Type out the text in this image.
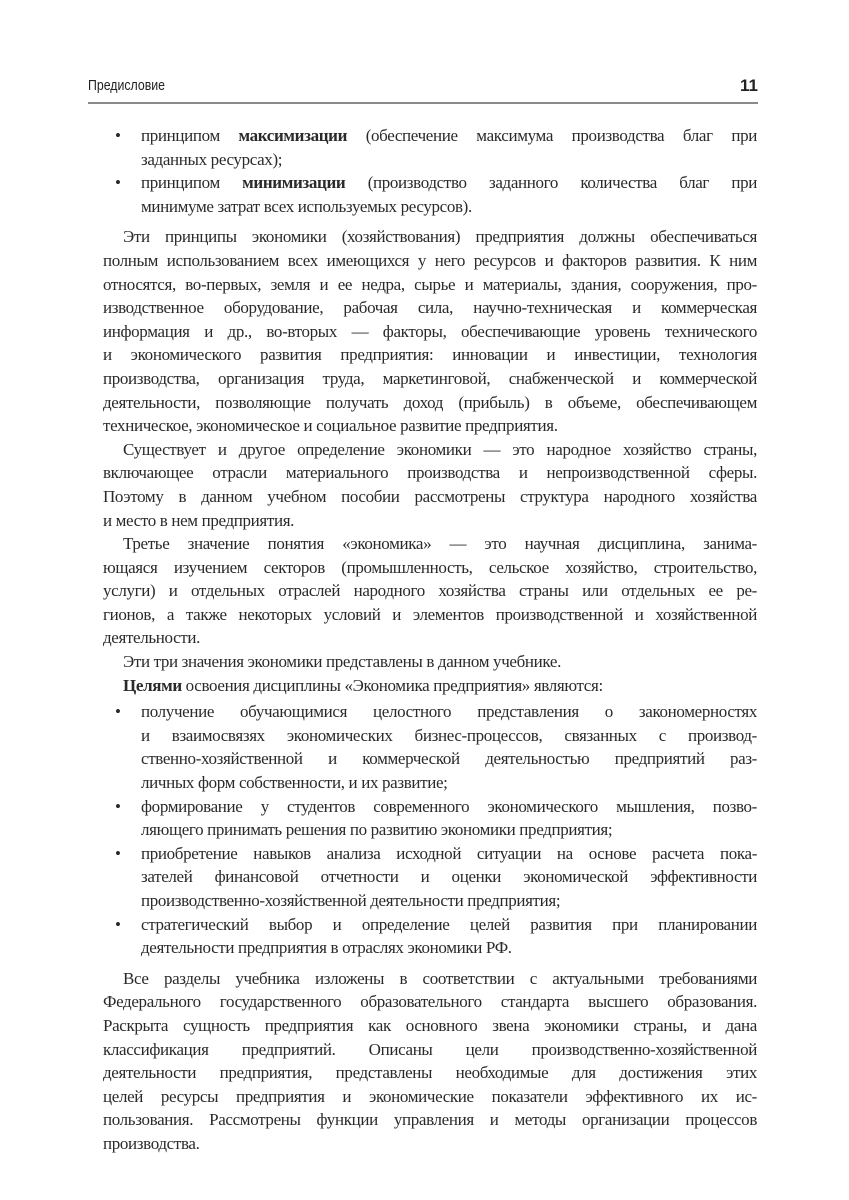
Предисловие	11
• принципом максимизации (обеспечение максимума производства благ при
заданных ресурсах);
• принципом минимизации (производство заданного количества благ при
минимуме затрат всех используемых ресурсов).
Эти принципы экономики (хозяйствования) предприятия должны обеспечиваться
полным использованием всех имеющихся у него ресурсов и факторов развития. К ним
относятся, во-первых, земля и ее недра, сырье и материалы, здания, сооружения, про-
изводственное оборудование, рабочая сила, научно-техническая и коммерческая
информация и др., во-вторых — факторы, обеспечивающие уровень технического
и экономического развития предприятия: инновации и инвестиции, технология
производства, организация труда, маркетинговой, снабженческой и коммерческой
деятельности, позволяющие получать доход (прибыль) в объеме, обеспечивающем
техническое, экономическое и социальное развитие предприятия.
Существует и другое определение экономики — это народное хозяйство страны,
включающее отрасли материального производства и непроизводственной сферы.
Поэтому в данном учебном пособии рассмотрены структура народного хозяйства
и место в нем предприятия.
Третье значение понятия «экономика» — это научная дисциплина, занима-
ющаяся изучением секторов (промышленность, сельское хозяйство, строительство,
услуги) и отдельных отраслей народного хозяйства страны или отдельных ее ре-
гионов, а также некоторых условий и элементов производственной и хозяйственной
деятельности.
Эти три значения экономики представлены в данном учебнике.
Целями освоения дисциплины «Экономика предприятия» являются:
• получение обучающимися целостного представления о закономерностях
и взаимосвязях экономических бизнес-процессов, связанных с производ-
ственно-хозяйственной и коммерческой деятельностью предприятий раз-
личных форм собственности, и их развитие;
• формирование у студентов современного экономического мышления, позво-
ляющего принимать решения по развитию экономики предприятия;
• приобретение навыков анализа исходной ситуации на основе расчета пока-
зателей финансовой отчетности и оценки экономической эффективности
производственно-хозяйственной деятельности предприятия;
• стратегический выбор и определение целей развития при планировании
деятельности предприятия в отраслях экономики РФ.
Все разделы учебника изложены в соответствии с актуальными требованиями
Федерального государственного образовательного стандарта высшего образования.
Раскрыта сущность предприятия как основного звена экономики страны, и дана
классификация предприятий. Описаны цели производственно-хозяйственной
деятельности предприятия, представлены необходимые для достижения этих
целей ресурсы предприятия и экономические показатели эффективного их ис-
пользования. Рассмотрены функции управления и методы организации процессов
производства.
